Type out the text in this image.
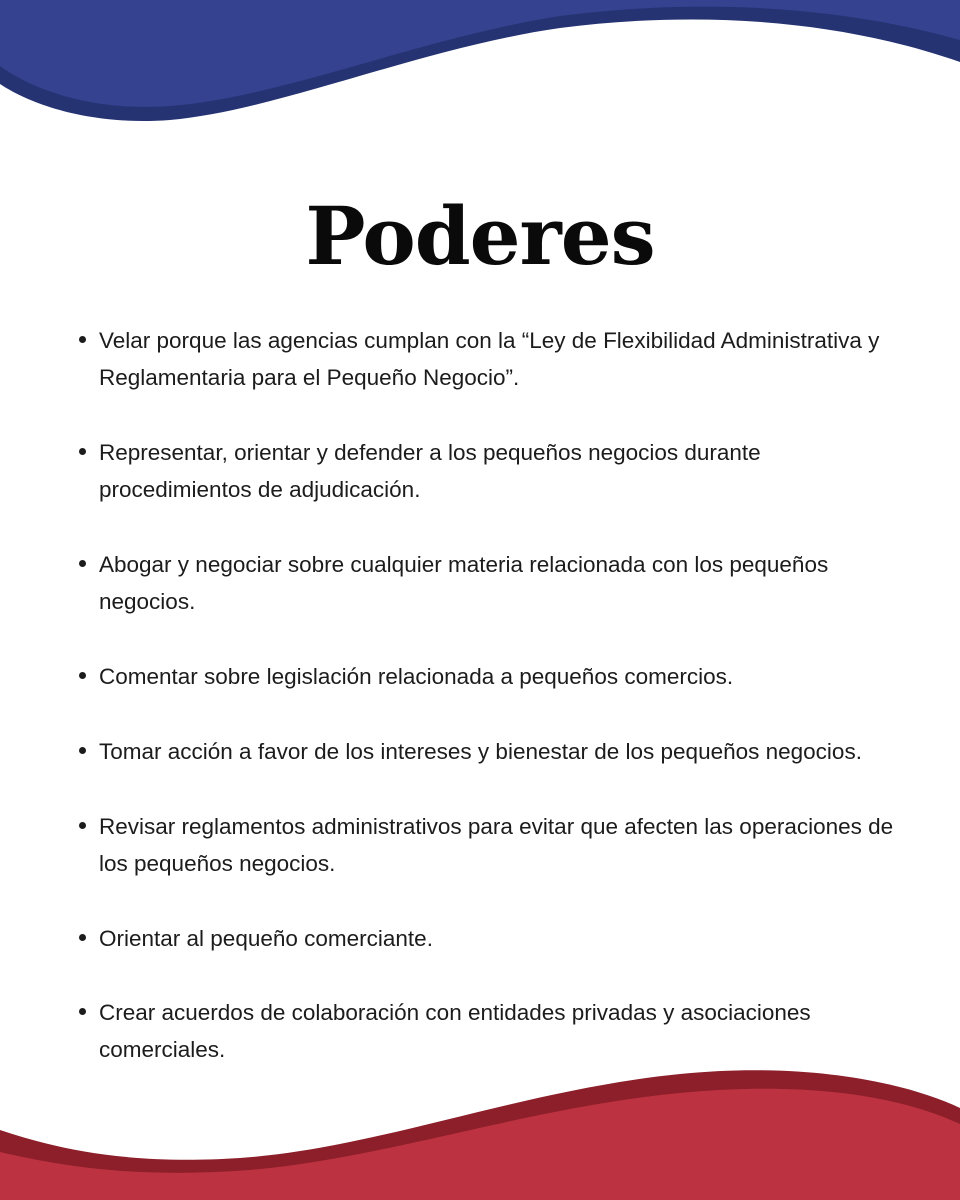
Poderes
Velar porque las agencias cumplan con la “Ley de Flexibilidad Administrativa y Reglamentaria para el Pequeño Negocio”.
Representar, orientar y defender a los pequeños negocios durante procedimientos de adjudicación.
Abogar y negociar sobre cualquier materia relacionada con los pequeños negocios.
Comentar sobre legislación relacionada a pequeños comercios.
Tomar acción a favor de los intereses y bienestar de los pequeños negocios.
Revisar reglamentos administrativos para evitar que afecten las operaciones de los pequeños negocios.
Orientar al pequeño comerciante.
Crear acuerdos de colaboración con entidades privadas y asociaciones comerciales.
